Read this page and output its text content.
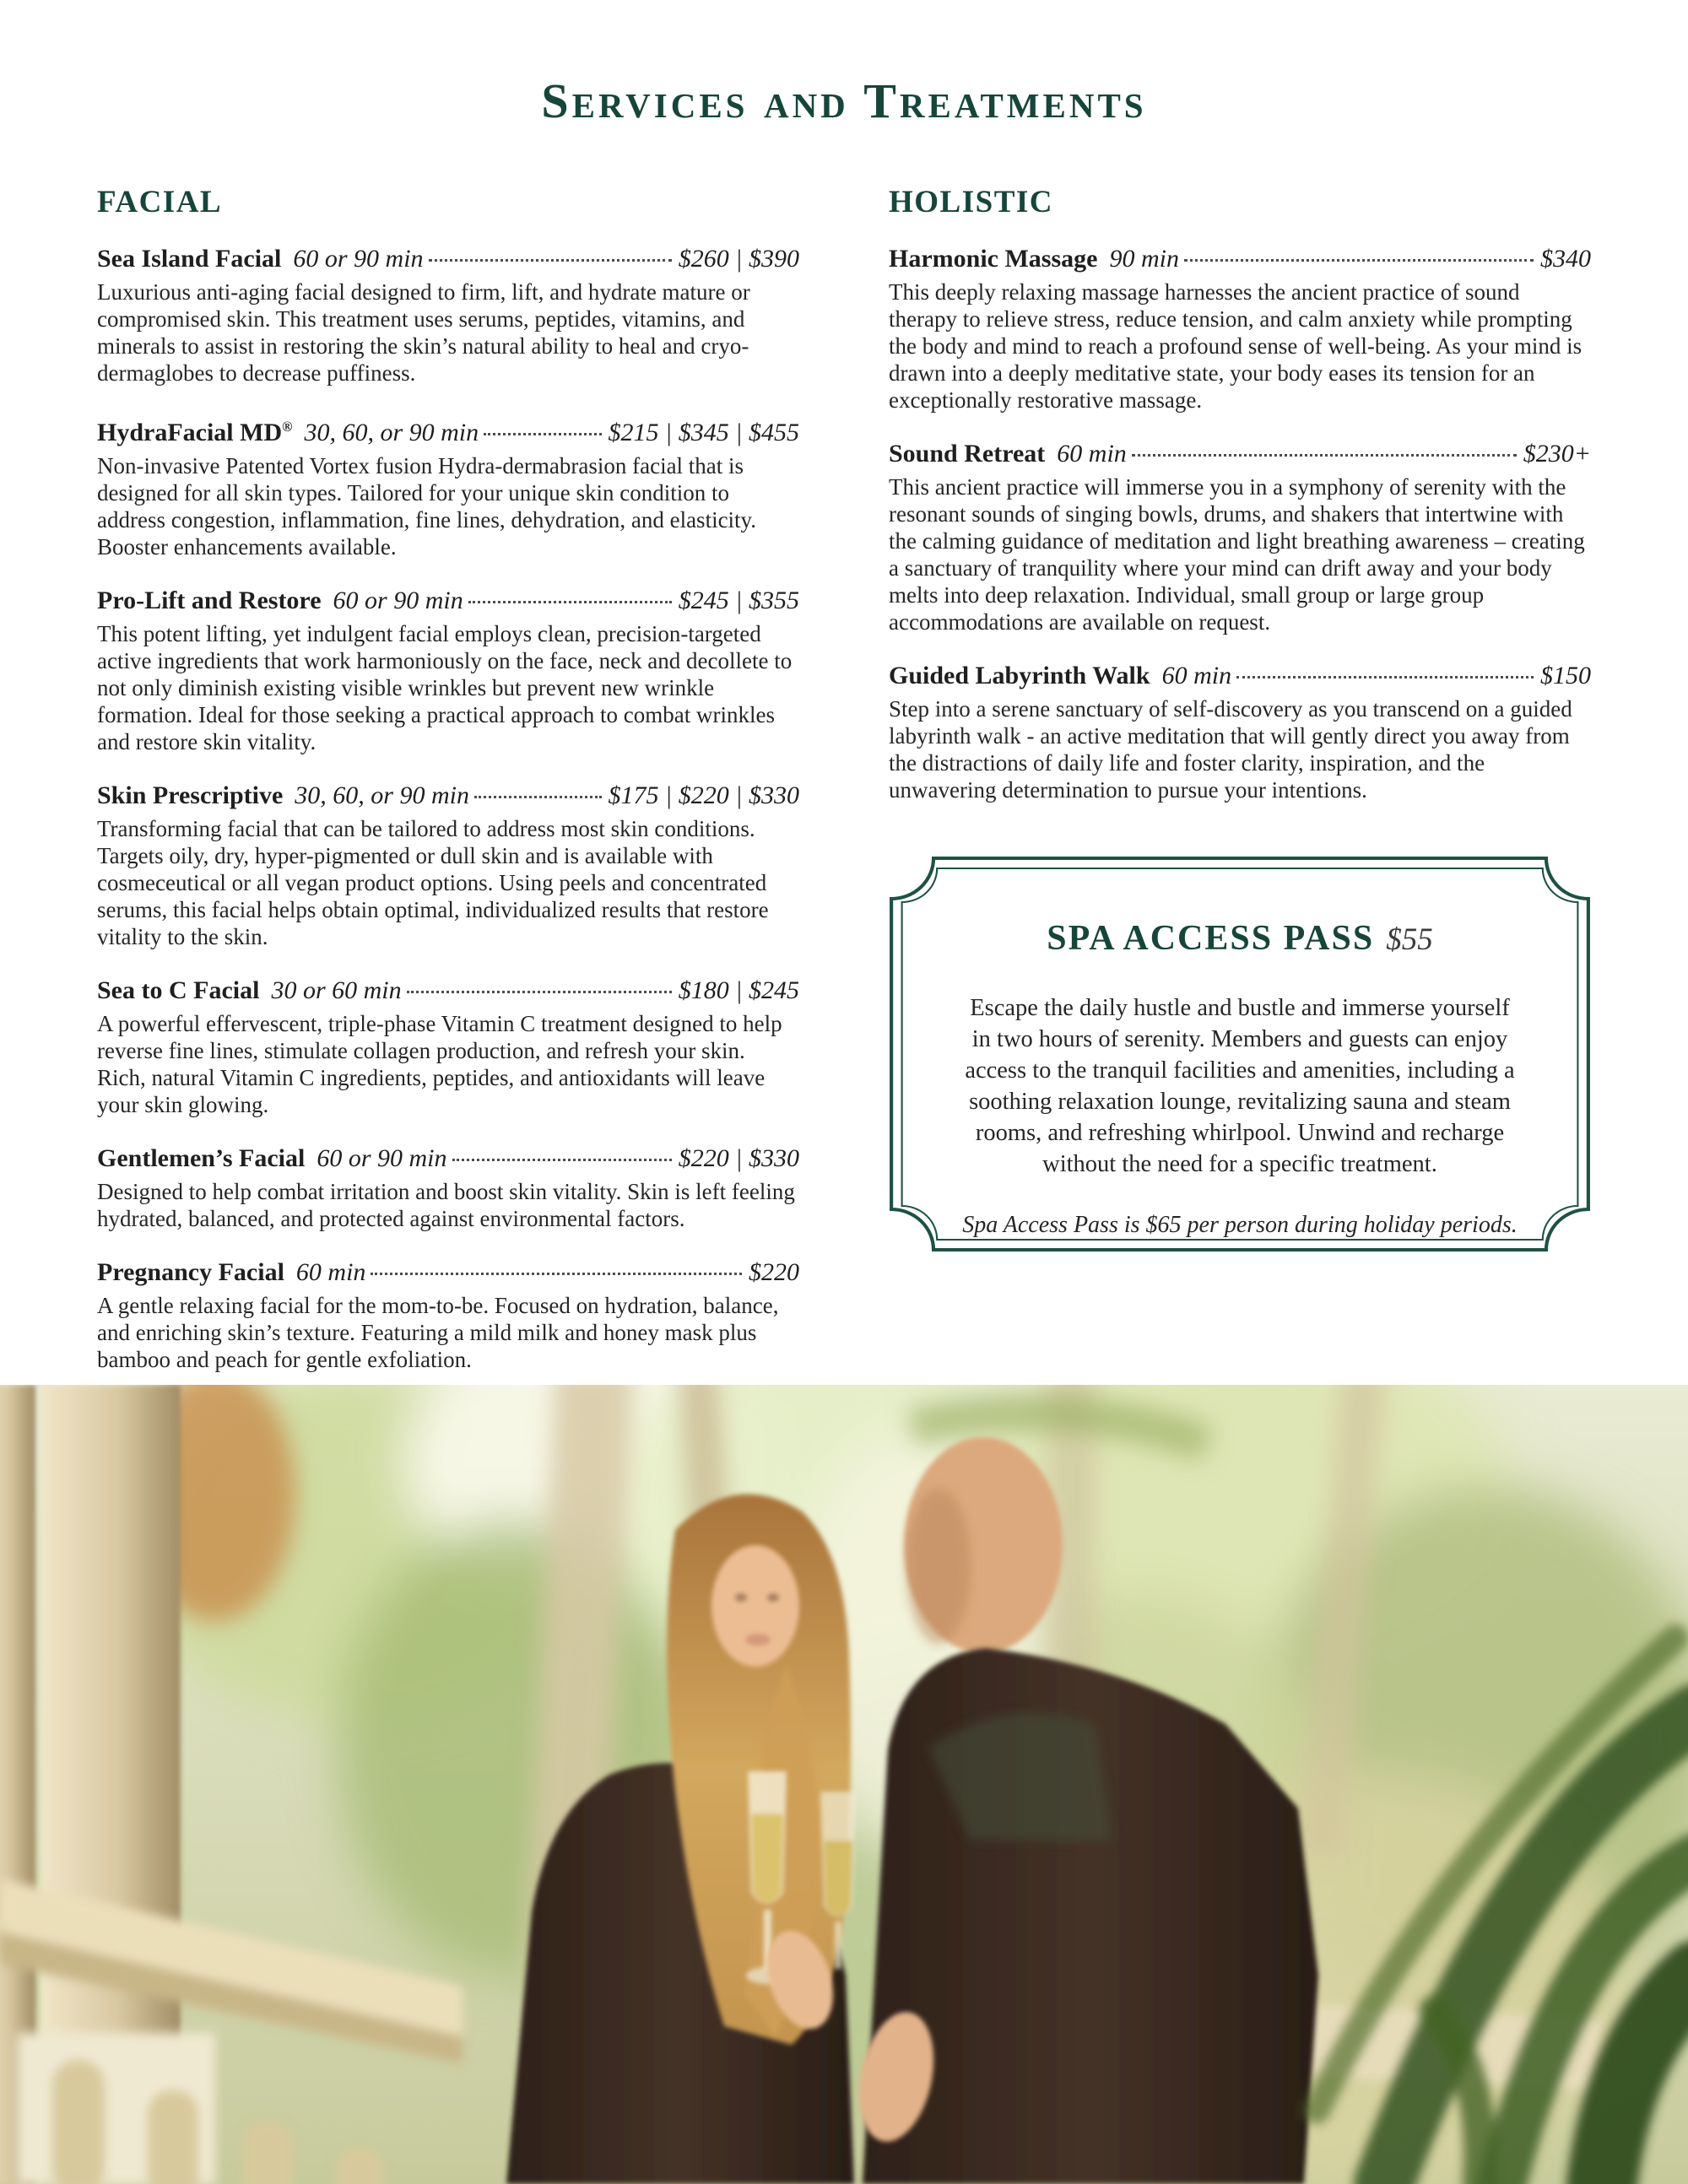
Services and Treatments
FACIAL
Sea Island Facial 60 or 90 min	$260 | $390

Luxurious anti-aging facial designed to firm, lift, and hydrate mature or compromised skin. This treatment uses serums, peptides, vitamins, and minerals to assist in restoring the skin’s natural ability to heal and cryo-dermaglobes to decrease puffiness.

HydraFacial MD® 30, 60, or 90 min	$215 | $345 | $455

Non-invasive Patented Vortex fusion Hydra-dermabrasion facial that is designed for all skin types. Tailored for your unique skin condition to address congestion, inflammation, fine lines, dehydration, and elasticity. Booster enhancements available.

Pro-Lift and Restore 60 or 90 min	$245 | $355

This potent lifting, yet indulgent facial employs clean, precision-targeted active ingredients that work harmoniously on the face, neck and decollete to not only diminish existing visible wrinkles but prevent new wrinkle formation. Ideal for those seeking a practical approach to combat wrinkles and restore skin vitality.

Skin Prescriptive 30, 60, or 90 min	$175 | $220 | $330

Transforming facial that can be tailored to address most skin conditions. Targets oily, dry, hyper-pigmented or dull skin and is available with cosmeceutical or all vegan product options. Using peels and concentrated serums, this facial helps obtain optimal, individualized results that restore vitality to the skin.

Sea to C Facial 30 or 60 min	$180 | $245

A powerful effervescent, triple-phase Vitamin C treatment designed to help reverse fine lines, stimulate collagen production, and refresh your skin. Rich, natural Vitamin C ingredients, peptides, and antioxidants will leave your skin glowing.

Gentlemen’s Facial 60 or 90 min	$220 | $330

Designed to help combat irritation and boost skin vitality. Skin is left feeling hydrated, balanced, and protected against environmental factors.

Pregnancy Facial 60 min	$220

A gentle relaxing facial for the mom-to-be. Focused on hydration, balance, and enriching skin’s texture. Featuring a mild milk and honey mask plus bamboo and peach for gentle exfoliation.

HOLISTIC
Harmonic Massage 90 min	$340

This deeply relaxing massage harnesses the ancient practice of sound therapy to relieve stress, reduce tension, and calm anxiety while prompting the body and mind to reach a profound sense of well-being. As your mind is drawn into a deeply meditative state, your body eases its tension for an exceptionally restorative massage.

Sound Retreat 60 min	$230+

This ancient practice will immerse you in a symphony of serenity with the resonant sounds of singing bowls, drums, and shakers that intertwine with the calming guidance of meditation and light breathing awareness – creating a sanctuary of tranquility where your mind can drift away and your body melts into deep relaxation. Individual, small group or large group accommodations are available on request.

Guided Labyrinth Walk 60 min	$150

Step into a serene sanctuary of self-discovery as you transcend on a guided labyrinth walk - an active meditation that will gently direct you away from the distractions of daily life and foster clarity, inspiration, and the unwavering determination to pursue your intentions.

SPA ACCESS PASS $55

Escape the daily hustle and bustle and immerse yourself in two hours of serenity. Members and guests can enjoy access to the tranquil facilities and amenities, including a soothing relaxation lounge, revitalizing sauna and steam rooms, and refreshing whirlpool. Unwind and recharge without the need for a specific treatment.

Spa Access Pass is $65 per person during holiday periods.
